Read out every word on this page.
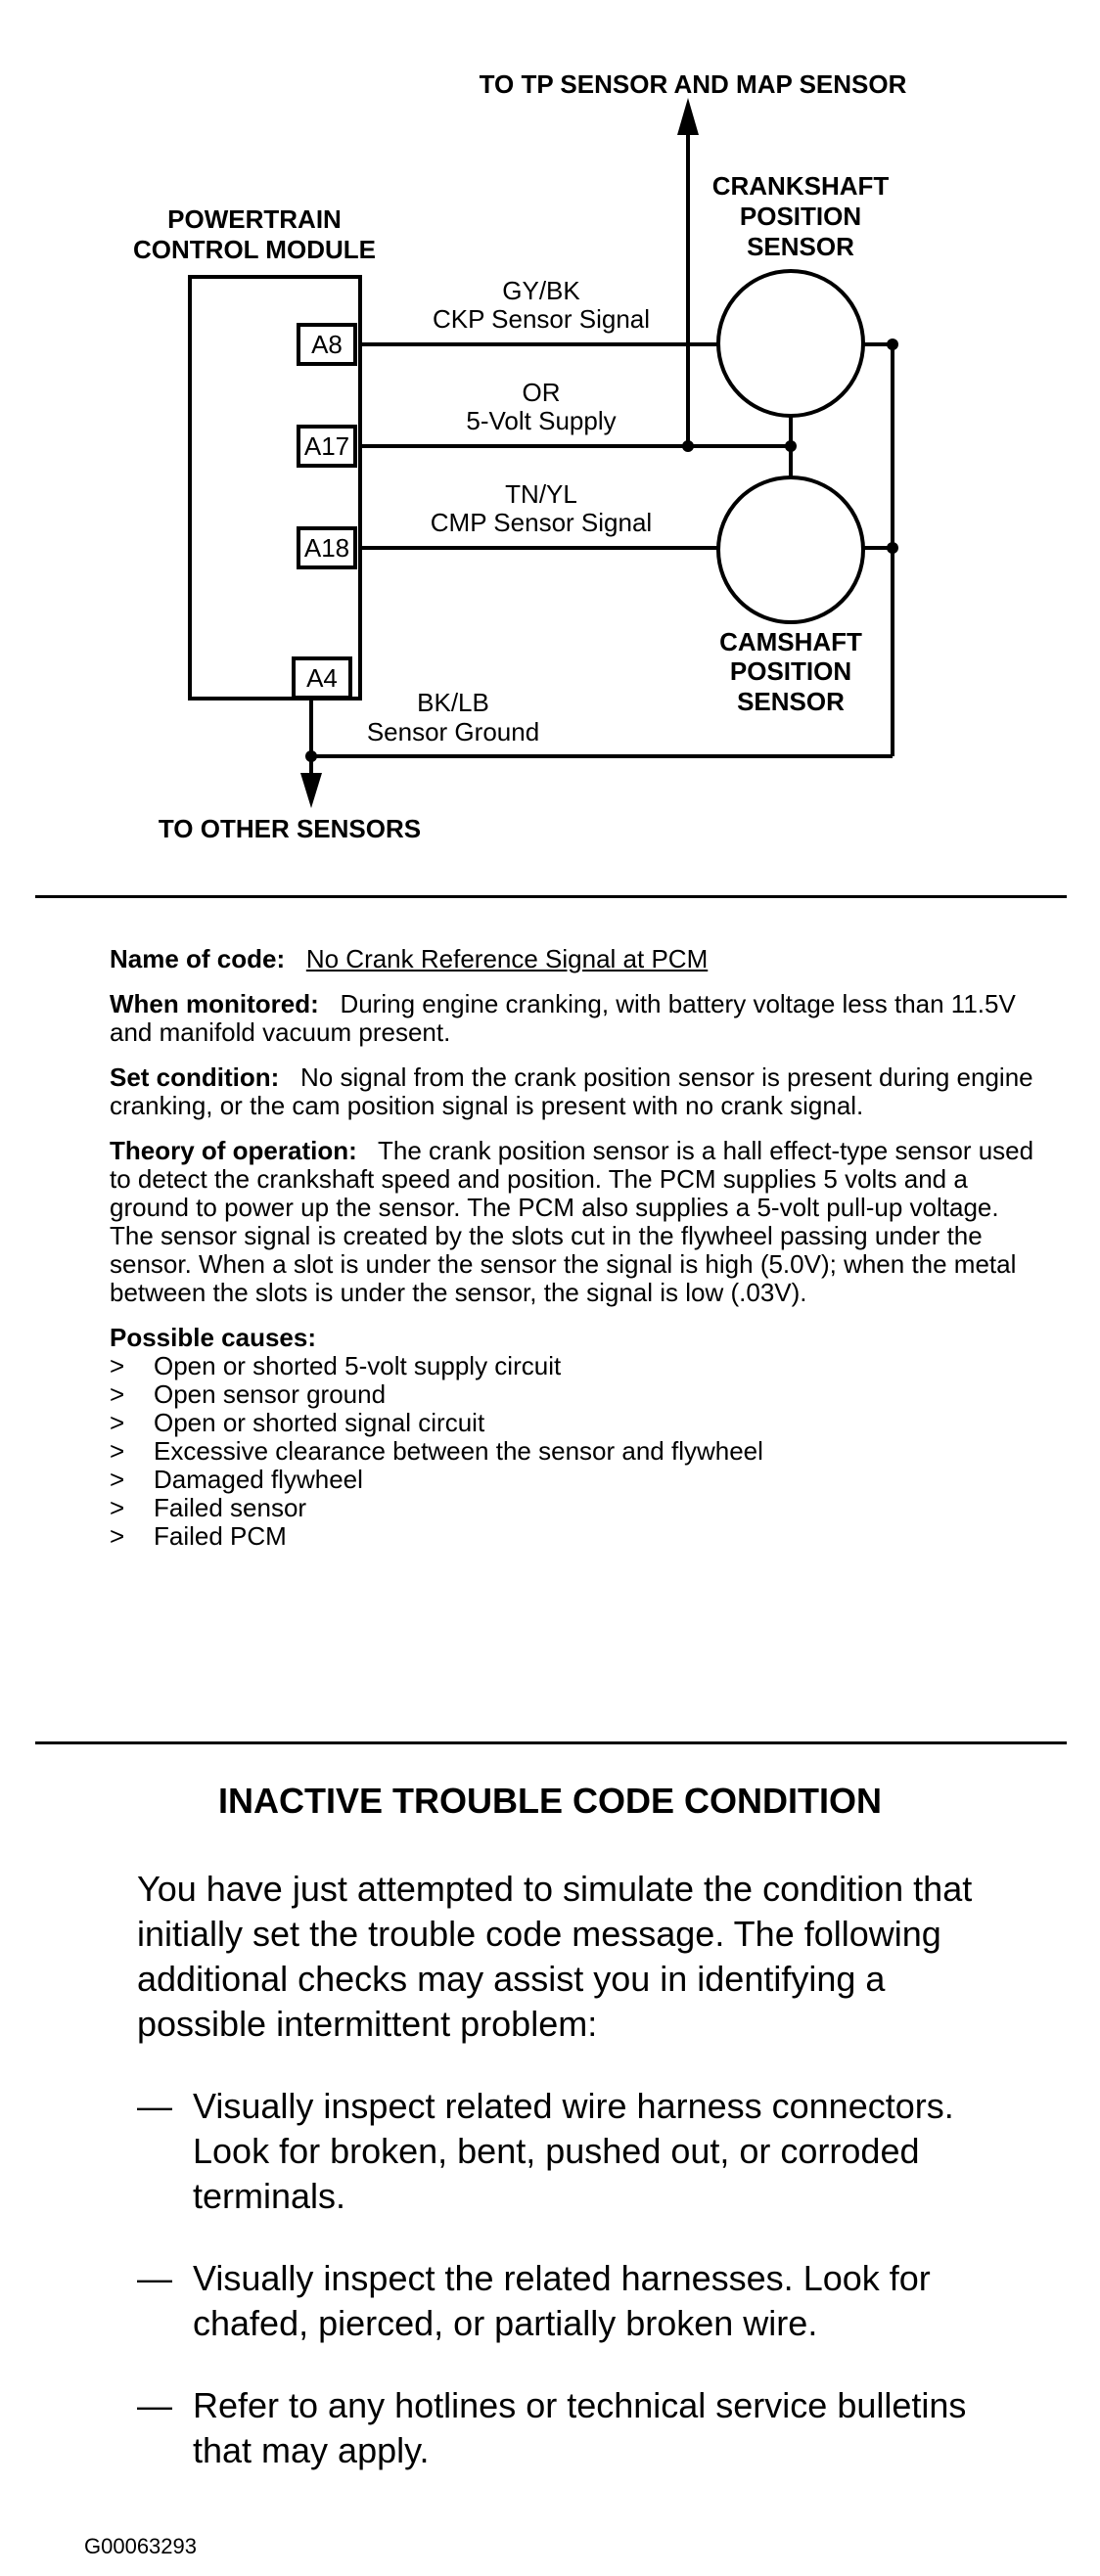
TO TP SENSOR AND MAP SENSOR
TO OTHER SENSORS
POWERTRAIN
CONTROL MODULE
CRANKSHAFT
POSITION
SENSOR
CAMSHAFT
POSITION
SENSOR
A8
A17
A18
A4
GY/BK
CKP Sensor Signal
OR
5-Volt Supply
TN/YL
CMP Sensor Signal
BK/LB
Sensor Ground

Name of code: No Crank Reference Signal at PCM

When monitored: During engine cranking, with battery voltage less than 11.5V and manifold vacuum present.

Set condition: No signal from the crank position sensor is present during engine cranking, or the cam position signal is present with no crank signal.

Theory of operation: The crank position sensor is a hall effect-type sensor used to detect the crankshaft speed and position. The PCM supplies 5 volts and a ground to power up the sensor. The PCM also supplies a 5-volt pull-up voltage. The sensor signal is created by the slots cut in the flywheel passing under the sensor. When a slot is under the sensor the signal is high (5.0V); when the metal between the slots is under the sensor, the signal is low (.03V).

Possible causes:
>	Open or shorted 5-volt supply circuit
>	Open sensor ground
>	Open or shorted signal circuit
>	Excessive clearance between the sensor and flywheel
>	Damaged flywheel
>	Failed sensor
>	Failed PCM
INACTIVE TROUBLE CODE CONDITION
You have just attempted to simulate the condition that initially set the trouble code message. The following additional checks may assist you in identifying a possible intermittent problem:
— Visually inspect related wire harness connectors. Look for broken, bent, pushed out, or corroded terminals.
— Visually inspect the related harnesses. Look for chafed, pierced, or partially broken wire.
— Refer to any hotlines or technical service bulletins that may apply.
G00063293
